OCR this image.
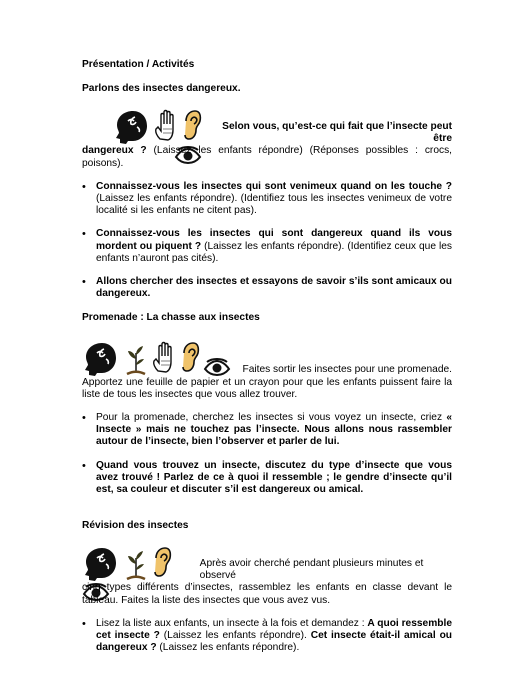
Présentation / Activités
Parlons des insectes dangereux.

Selon vous, qu’est-ce qui fait que l’insecte peut être

dangereux ? (Laissez les enfants répondre) (Réponses possibles : crocs, poisons).

• Connaissez-vous les insectes qui sont venimeux quand on les touche ? (Laissez les enfants répondre). (Identifiez tous les insectes venimeux de votre localité si les enfants ne citent pas).
• Connaissez-vous les insectes qui sont dangereux quand ils vous mordent ou piquent ? (Laissez les enfants répondre). (Identifiez ceux que les enfants n’auront pas cités).
• Allons chercher des insectes et essayons de savoir s’ils sont amicaux ou dangereux.
Promenade : La chasse aux insectes

Faites sortir les insectes pour une promenade.

Apportez une feuille de papier et un crayon pour que les enfants puissent faire la liste de tous les insectes que vous allez trouver.

• Pour la promenade, cherchez les insectes si vous voyez un insecte, criez « Insecte » mais ne touchez pas l’insecte. Nous allons nous rassembler autour de l’insecte, bien l’observer et parler de lui.
• Quand vous trouvez un insecte, discutez du type d’insecte que vous avez trouvé ! Parlez de ce à quoi il ressemble ; le gendre d’insecte qu’il est, sa couleur et discuter s’il est dangereux ou amical.
Révision des insectes

Après avoir cherché pendant plusieurs minutes et observé

cinq types différents d’insectes, rassemblez les enfants en classe devant le tableau. Faites la liste des insectes que vous avez vus.

• Lisez la liste aux enfants, un insecte à la fois et demandez : A quoi ressemble cet insecte ? (Laissez les enfants répondre). Cet insecte était-il amical ou dangereux ? (Laissez les enfants répondre).
